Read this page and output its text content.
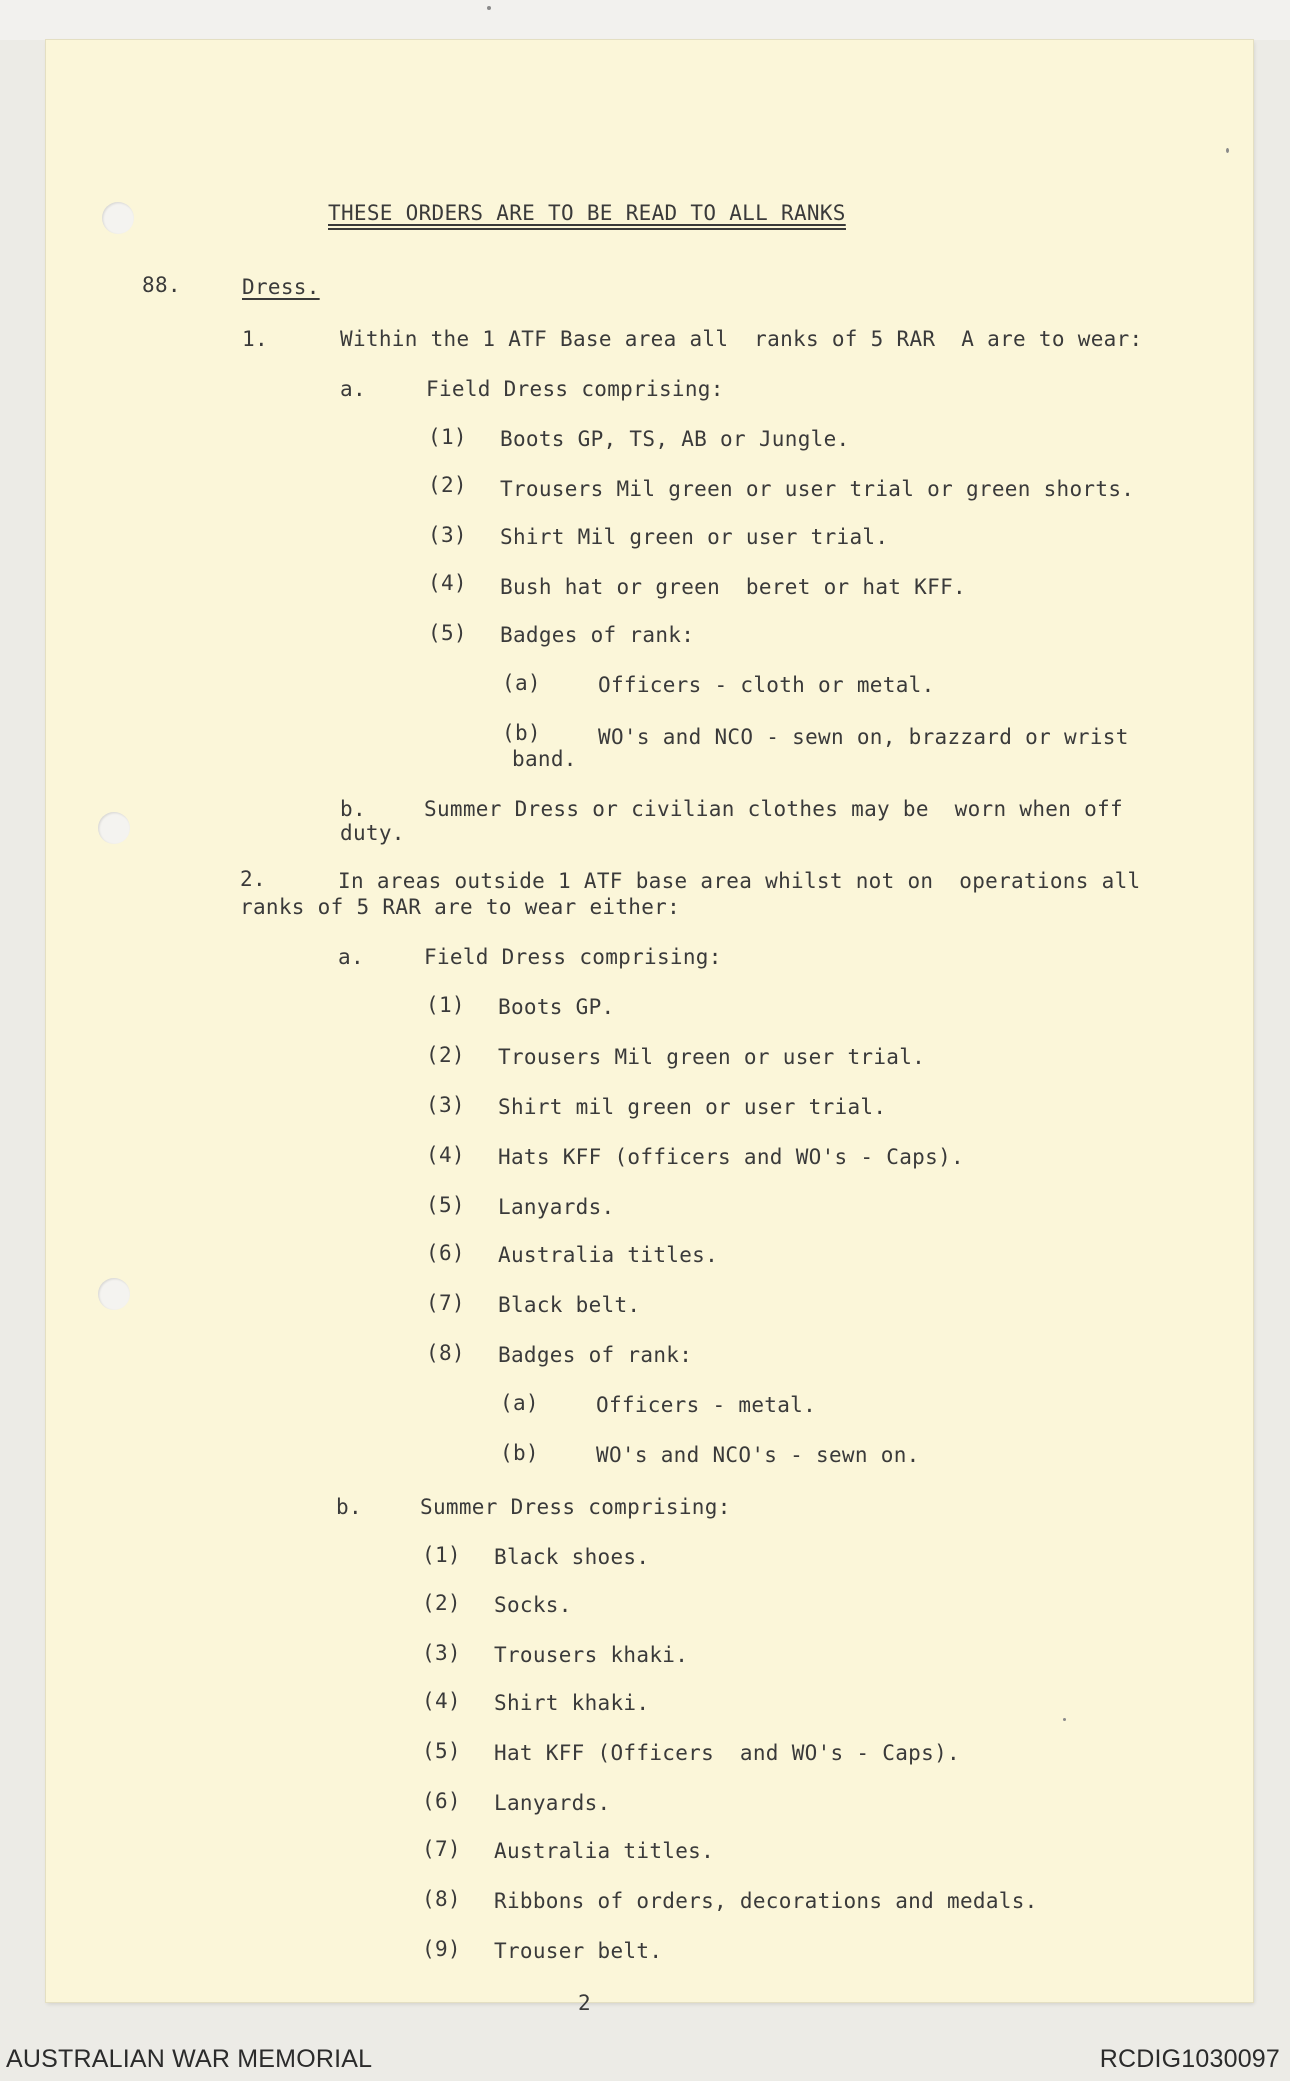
THESE ORDERS ARE TO BE READ TO ALL RANKS
88.	Dress.
1.	Within the 1 ATF Base area all  ranks of 5 RAR  A are to wear:
a.	Field Dress comprising:
(1) Boots GP, TS, AB or Jungle.
(2) Trousers Mil green or user trial or green shorts.
(3) Shirt Mil green or user trial.
(4) Bush hat or green  beret or hat KFF.
(5) Badges of rank:
(a)	Officers - cloth or metal.
(b)	WO's and NCO - sewn on, brazzard or wrist
band.
b.	Summer Dress or civilian clothes may be  worn when off
duty.
2.	In areas outside 1 ATF base area whilst not on  operations all
ranks of 5 RAR are to wear either:
a.	Field Dress comprising:
(1) Boots GP.
(2) Trousers Mil green or user trial.
(3) Shirt mil green or user trial.
(4) Hats KFF (officers and WO's - Caps).
(5) Lanyards.
(6) Australia titles.
(7) Black belt.
(8) Badges of rank:
(a)	Officers - metal.
(b)	WO's and NCO's - sewn on.
b.	Summer Dress comprising:
(1) Black shoes.
(2) Socks.
(3) Trousers khaki.
(4) Shirt khaki.
(5) Hat KFF (Officers  and WO's - Caps).
(6) Lanyards.
(7) Australia titles.
(8) Ribbons of orders, decorations and medals.
(9) Trouser belt.
2
AUSTRALIAN WAR MEMORIAL	RCDIG1030097
